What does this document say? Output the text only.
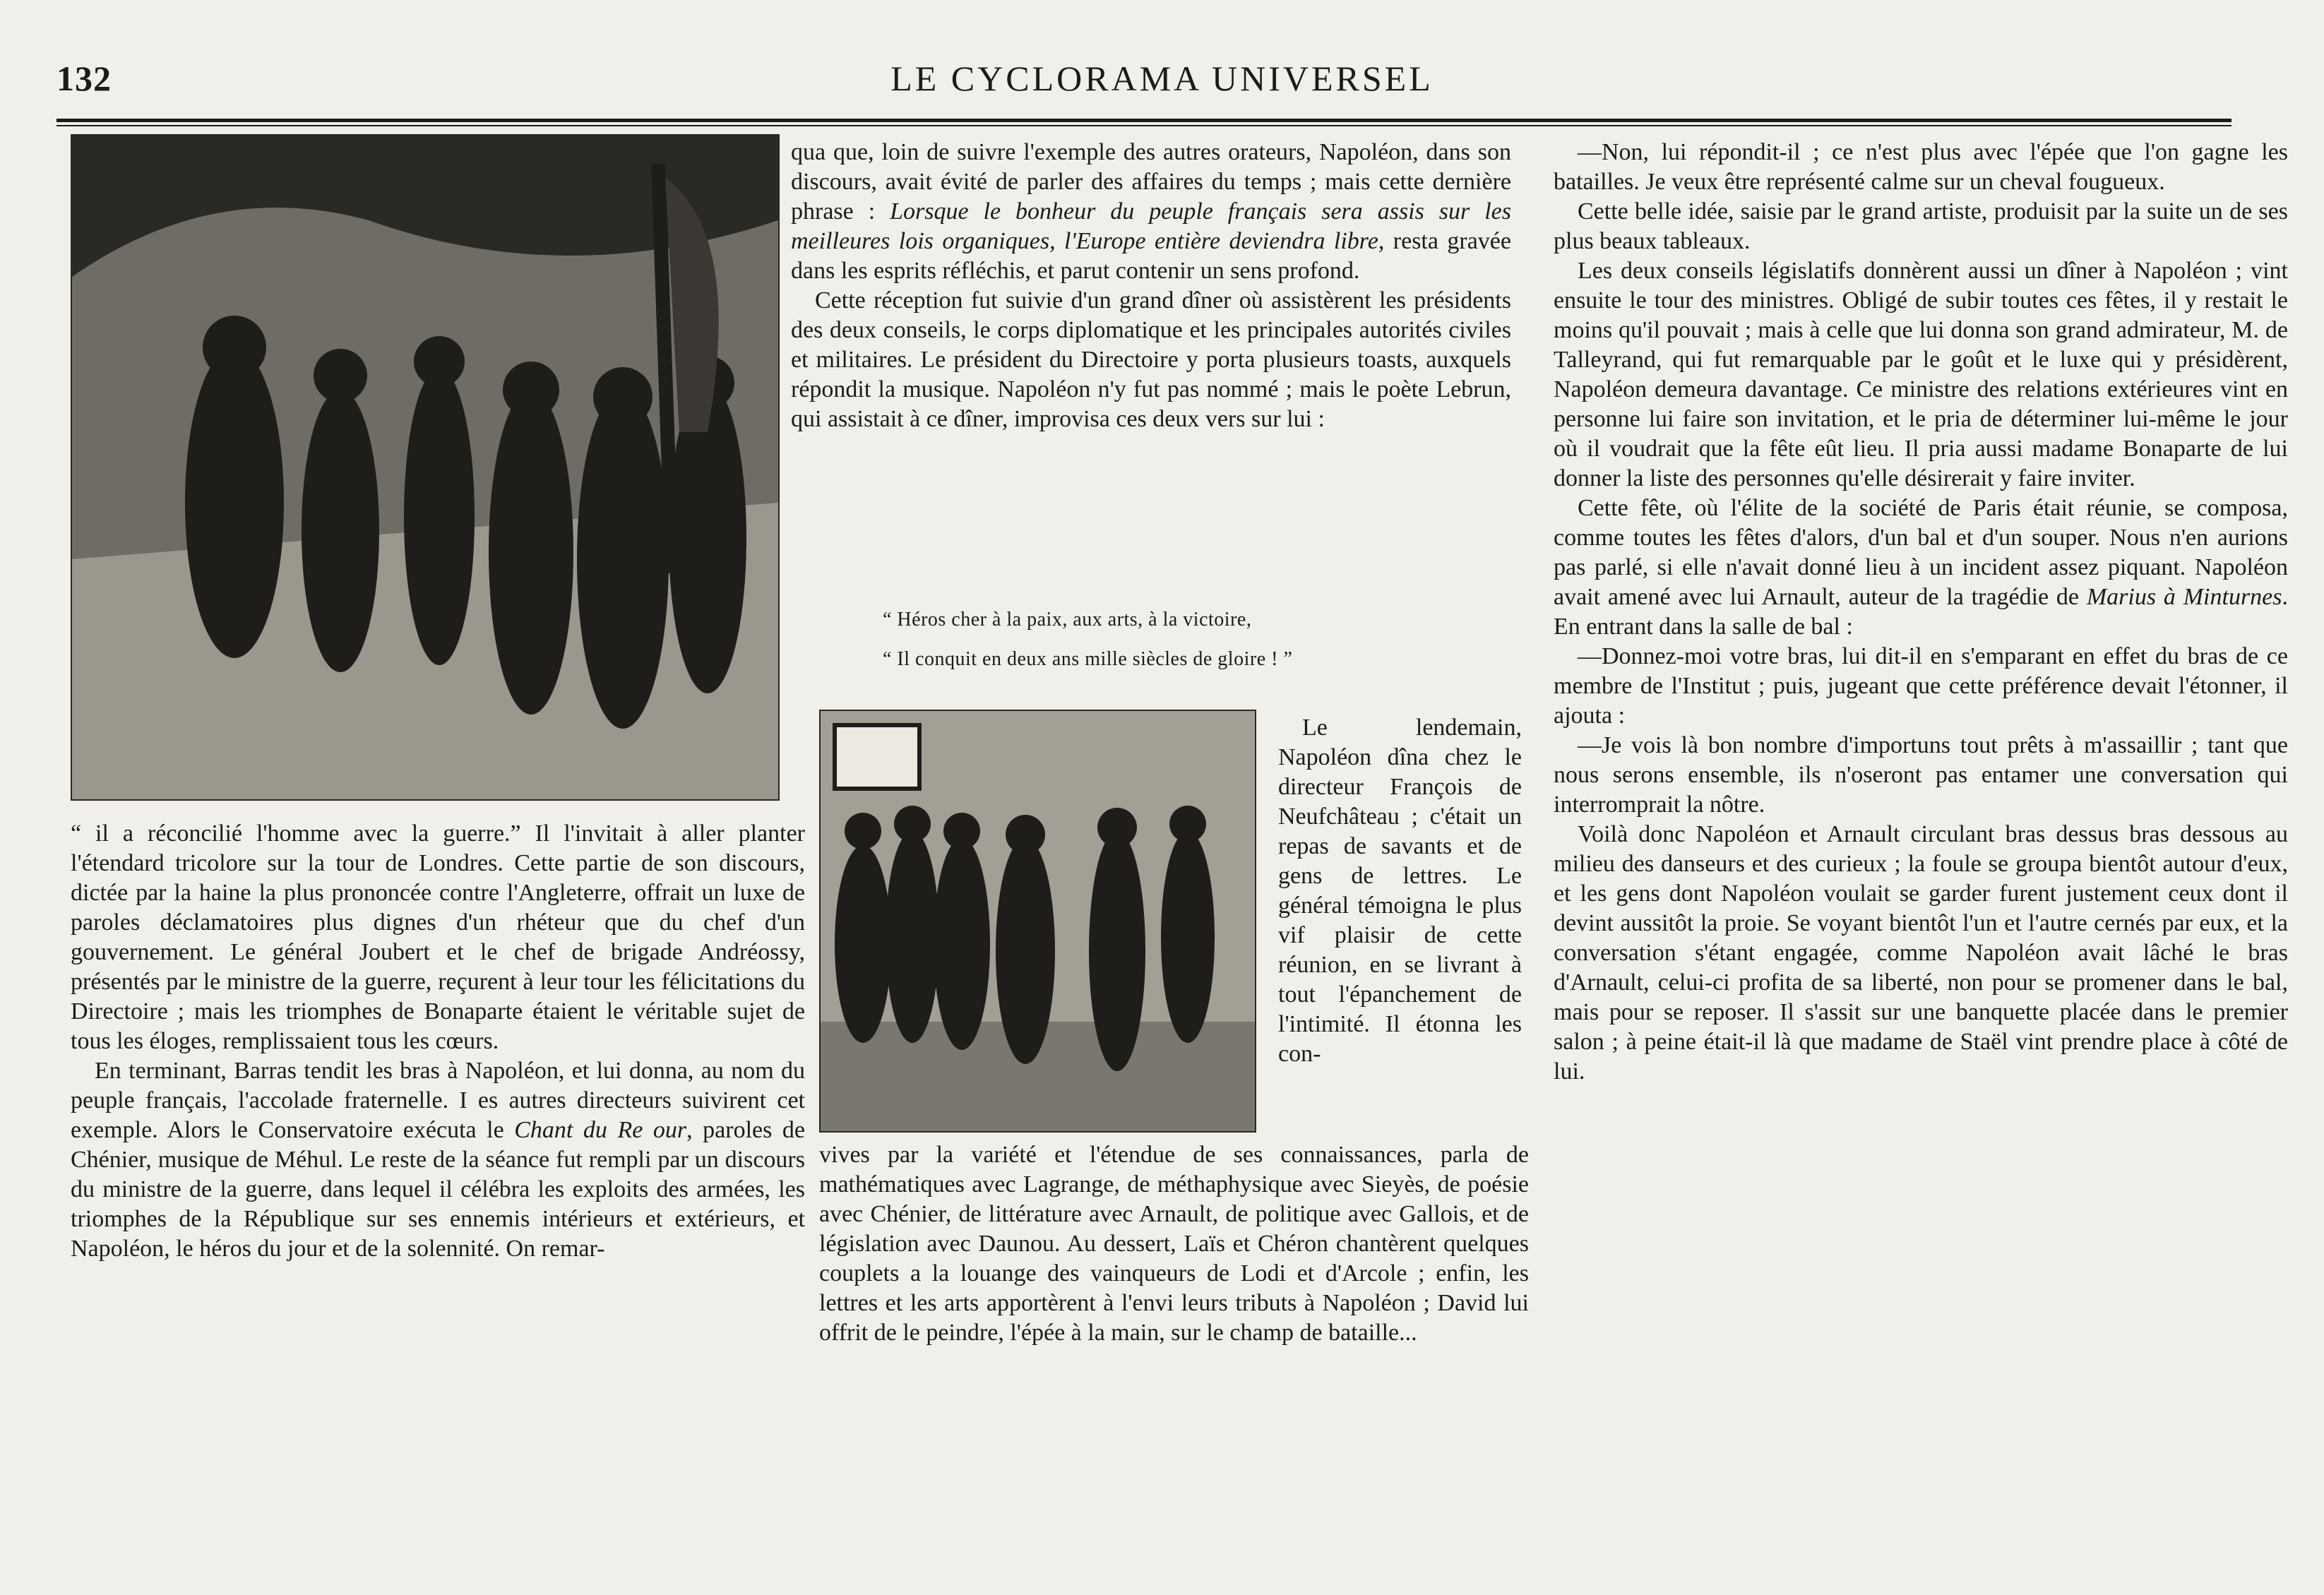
132	LE CYCLORAMA UNIVERSEL

“ il a réconcilié l'homme avec la guerre.” Il l'invitait à aller planter l'étendard tricolore sur la tour de Londres. Cette partie de son discours, dictée par la haine la plus prononcée contre l'Angleterre, offrait un luxe de paroles déclamatoires plus dignes d'un rhéteur que du chef d'un gouvernement. Le général Joubert et le chef de brigade Andréossy, présentés par le ministre de la guerre, reçurent à leur tour les félicitations du Directoire ; mais les triomphes de Bonaparte étaient le véritable sujet de tous les éloges, remplissaient tous les cœurs.

En terminant, Barras tendit les bras à Napoléon, et lui donna, au nom du peuple français, l'accolade fraternelle. I es autres directeurs suivirent cet exemple. Alors le Conservatoire exécuta le Chant du Re our, paroles de Chénier, musique de Méhul. Le reste de la séance fut rempli par un discours du ministre de la guerre, dans lequel il célébra les exploits des armées, les triomphes de la République sur ses ennemis intérieurs et extérieurs, et Napoléon, le héros du jour et de la solennité. On remar-

qua que, loin de suivre l'exemple des autres orateurs, Napoléon, dans son discours, avait évité de parler des affaires du temps ; mais cette dernière phrase : Lorsque le bonheur du peuple français sera assis sur les meilleures lois organiques, l'Europe entière deviendra libre, resta gravée dans les esprits réfléchis, et parut contenir un sens profond.

Cette réception fut suivie d'un grand dîner où assistèrent les présidents des deux conseils, le corps diplomatique et les principales autorités civiles et militaires. Le président du Directoire y porta plusieurs toasts, auxquels répondit la musique. Napoléon n'y fut pas nommé ; mais le poète Lebrun, qui assistait à ce dîner, improvisa ces deux vers sur lui :

“ Héros cher à la paix, aux arts, à la victoire,

“ Il conquit en deux ans mille siècles de gloire ! ”

Le lendemain, Napoléon dîna chez le directeur François de Neufchâteau ; c'était un repas de savants et de gens de lettres. Le général témoigna le plus vif plaisir de cette réunion, en se livrant à tout l'épanchement de l'intimité. Il étonna les con-

vives par la variété et l'étendue de ses connaissances, parla de mathématiques avec Lagrange, de méthaphysique avec Sieyès, de poésie avec Chénier, de littérature avec Arnault, de politique avec Gallois, et de législation avec Daunou. Au dessert, Laïs et Chéron chantèrent quelques couplets a la louange des vainqueurs de Lodi et d'Arcole ; enfin, les lettres et les arts apportèrent à l'envi leurs tributs à Napoléon ; David lui offrit de le peindre, l'épée à la main, sur le champ de bataille...

—Non, lui répondit-il ; ce n'est plus avec l'épée que l'on gagne les batailles. Je veux être représenté calme sur un cheval fougueux.

Cette belle idée, saisie par le grand artiste, produisit par la suite un de ses plus beaux tableaux.

Les deux conseils législatifs donnèrent aussi un dîner à Napoléon ; vint ensuite le tour des ministres. Obligé de subir toutes ces fêtes, il y restait le moins qu'il pouvait ; mais à celle que lui donna son grand admirateur, M. de Talleyrand, qui fut remarquable par le goût et le luxe qui y présidèrent, Napoléon demeura davantage. Ce ministre des relations extérieures vint en personne lui faire son invitation, et le pria de déterminer lui-même le jour où il voudrait que la fête eût lieu. Il pria aussi madame Bonaparte de lui donner la liste des personnes qu'elle désirerait y faire inviter.

Cette fête, où l'élite de la société de Paris était réunie, se composa, comme toutes les fêtes d'alors, d'un bal et d'un souper. Nous n'en aurions pas parlé, si elle n'avait donné lieu à un incident assez piquant. Napoléon avait amené avec lui Arnault, auteur de la tragédie de Marius à Minturnes. En entrant dans la salle de bal :

—Donnez-moi votre bras, lui dit-il en s'emparant en effet du bras de ce membre de l'Institut ; puis, jugeant que cette préférence devait l'étonner, il ajouta :

—Je vois là bon nombre d'importuns tout prêts à m'assaillir ; tant que nous serons ensemble, ils n'oseront pas entamer une conversation qui interromprait la nôtre.

Voilà donc Napoléon et Arnault circulant bras dessus bras dessous au milieu des danseurs et des curieux ; la foule se groupa bientôt autour d'eux, et les gens dont Napoléon voulait se garder furent justement ceux dont il devint aussitôt la proie. Se voyant bientôt l'un et l'autre cernés par eux, et la conversation s'étant engagée, comme Napoléon avait lâché le bras d'Arnault, celui-ci profita de sa liberté, non pour se promener dans le bal, mais pour se reposer. Il s'assit sur une banquette placée dans le premier salon ; à peine était-il là que madame de Staël vint prendre place à côté de lui.
